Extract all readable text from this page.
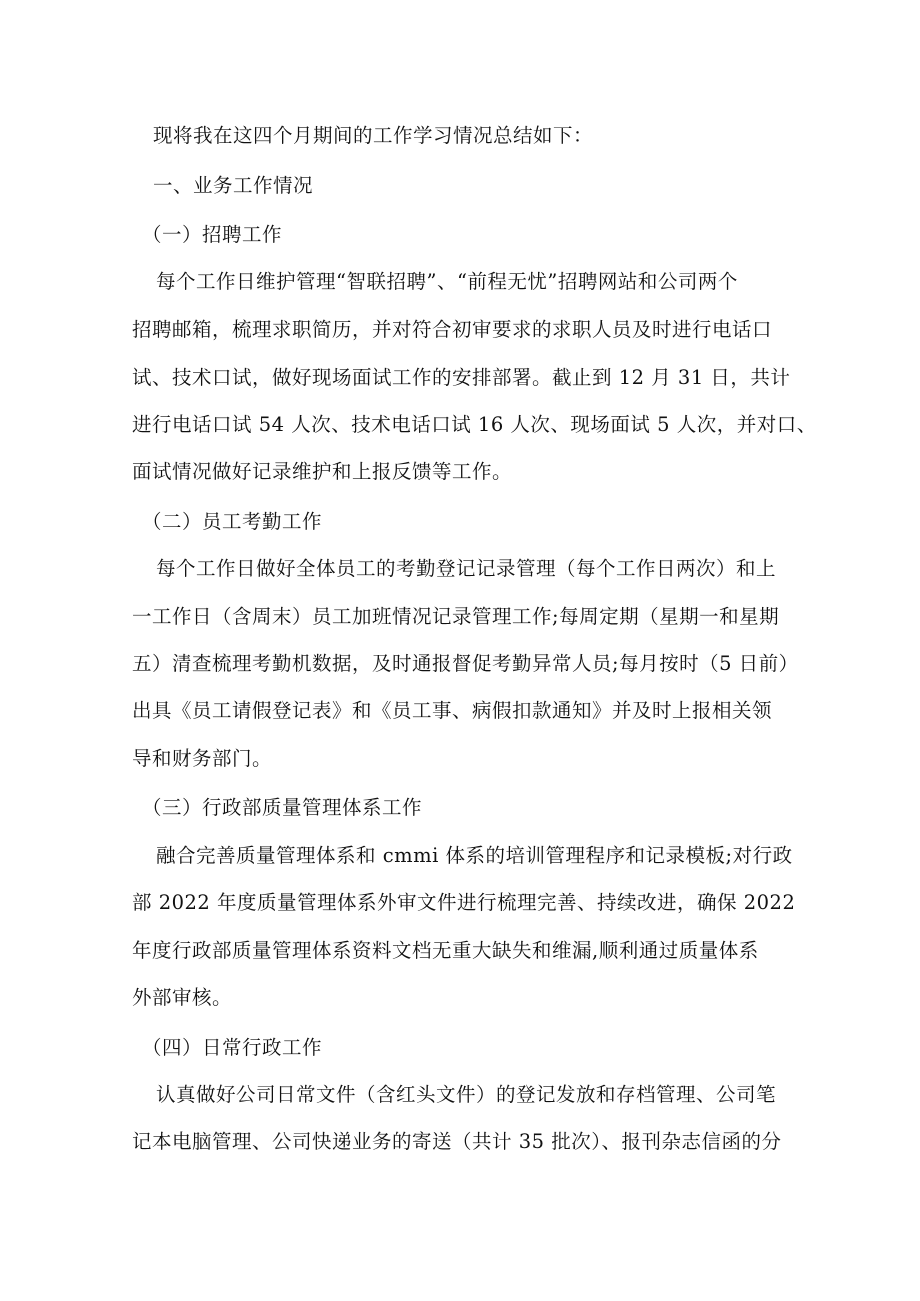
现将我在这四个月期间的工作学习情况总结如下：
一、业务工作情况
（一）招聘工作
每个工作日维护管理“智联招聘”、“前程无忧”招聘网站和公司两个
招聘邮箱，梳理求职简历，并对符合初审要求的求职人员及时进行电话口
试、技术口试，做好现场面试工作的安排部署。截止到 12 月 31 日，共计
进行电话口试 54 人次、技术电话口试 16 人次、现场面试 5 人次，并对口、
面试情况做好记录维护和上报反馈等工作。
（二）员工考勤工作
每个工作日做好全体员工的考勤登记记录管理（每个工作日两次）和上
一工作日（含周末）员工加班情况记录管理工作;每周定期（星期一和星期
五）清查梳理考勤机数据，及时通报督促考勤异常人员;每月按时（5 日前）
出具《员工请假登记表》和《员工事、病假扣款通知》并及时上报相关领
导和财务部门。
（三）行政部质量管理体系工作
融合完善质量管理体系和 cmmi 体系的培训管理程序和记录模板;对行政
部 2022 年度质量管理体系外审文件进行梳理完善、持续改进，确保 2022
年度行政部质量管理体系资料文档无重大缺失和维漏,顺利通过质量体系
外部审核。
（四）日常行政工作
认真做好公司日常文件（含红头文件）的登记发放和存档管理、公司笔
记本电脑管理、公司快递业务的寄送（共计 35 批次）、报刊杂志信函的分
